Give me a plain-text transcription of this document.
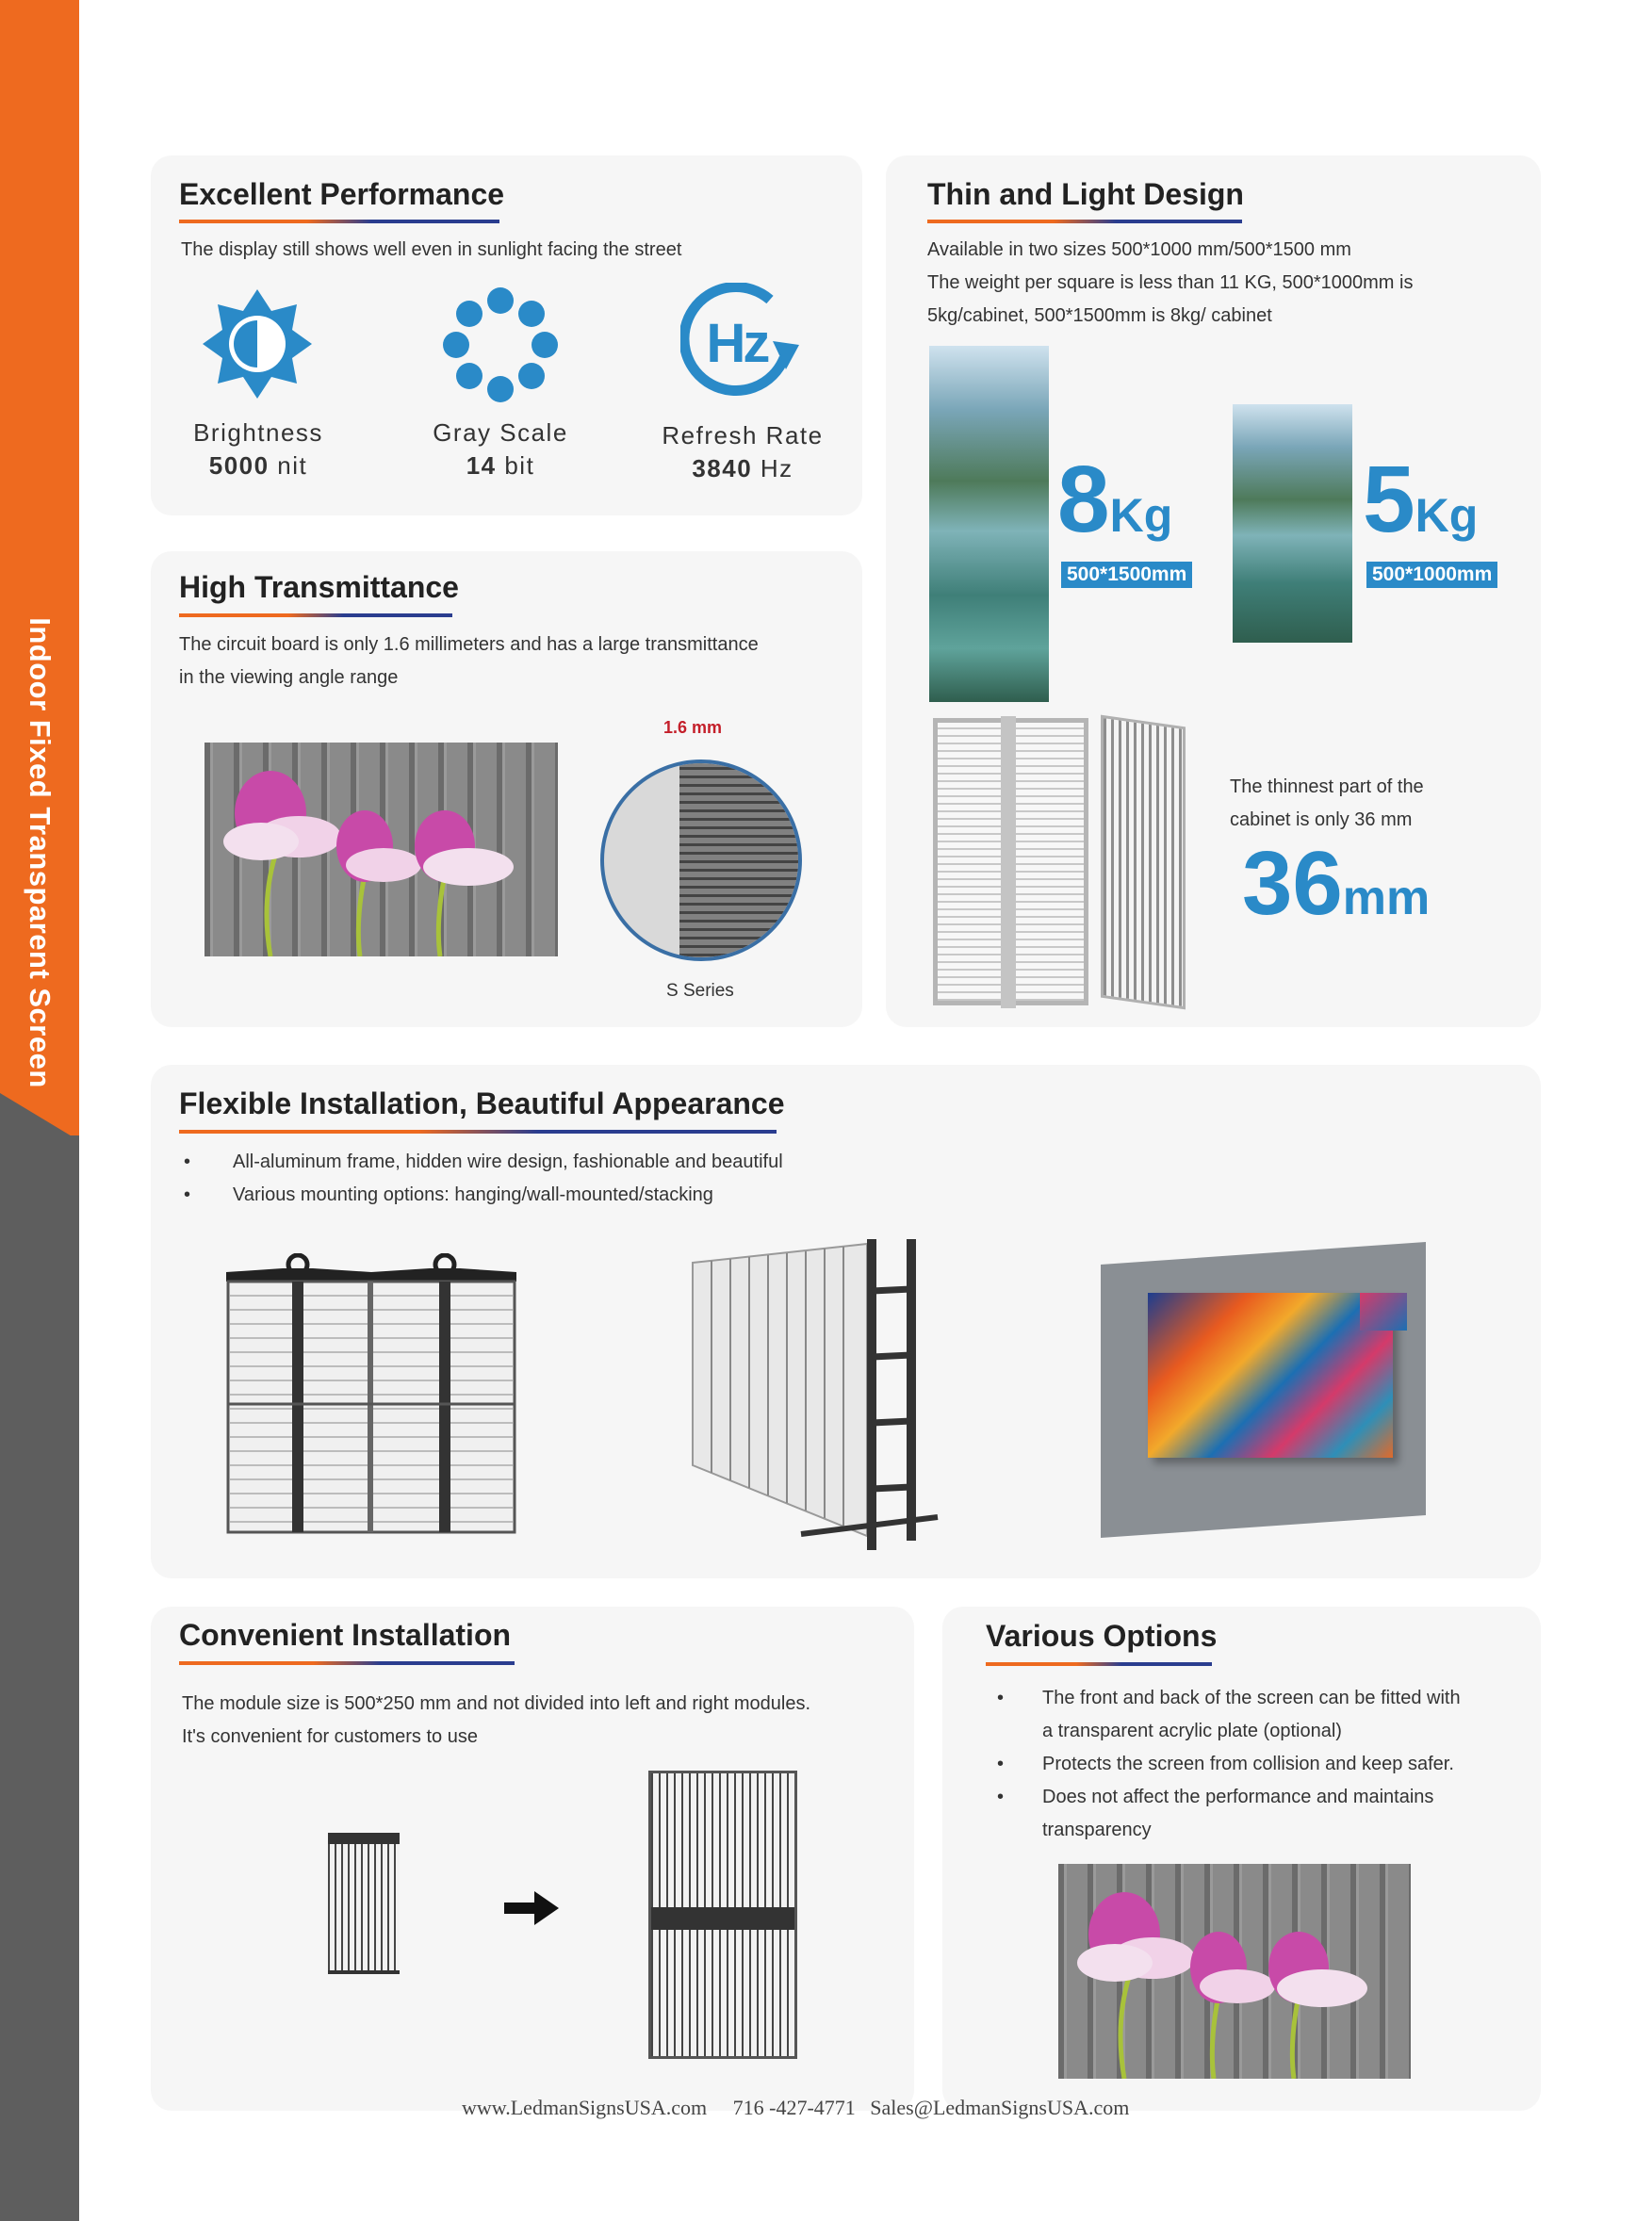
Indoor Fixed Transparent Screen
Excellent Performance
The display still shows well even in sunlight facing the street
Hz
Brightness
5000 nit
Gray Scale
14 bit
Refresh Rate
3840 Hz
Thin and Light Design
Available in two sizes 500*1000 mm/500*1500 mm
The weight per square is less than 11 KG, 500*1000mm is
5kg/cabinet, 500*1500mm is 8kg/ cabinet
8Kg
500*1500mm
5Kg
500*1000mm
The thinnest part of the
cabinet is only 36 mm
36mm
High Transmittance
The circuit board is only 1.6 millimeters and has a large transmittance
in the viewing angle range
1.6 mm
S Series
Flexible Installation, Beautiful Appearance
• All-aluminum frame, hidden wire design, fashionable and beautiful
• Various mounting options: hanging/wall-mounted/stacking
Convenient Installation
The module size is 500*250 mm and not divided into left and right modules.
It's convenient for customers to use
Various Options
• The front and back of the screen can be fitted with
a transparent acrylic plate (optional)
• Protects the screen from collision and keep safer.
• Does not affect the performance and maintains
transparency
www.LedmanSignsUSA.com 716 -427-4771 Sales@LedmanSignsUSA.com
